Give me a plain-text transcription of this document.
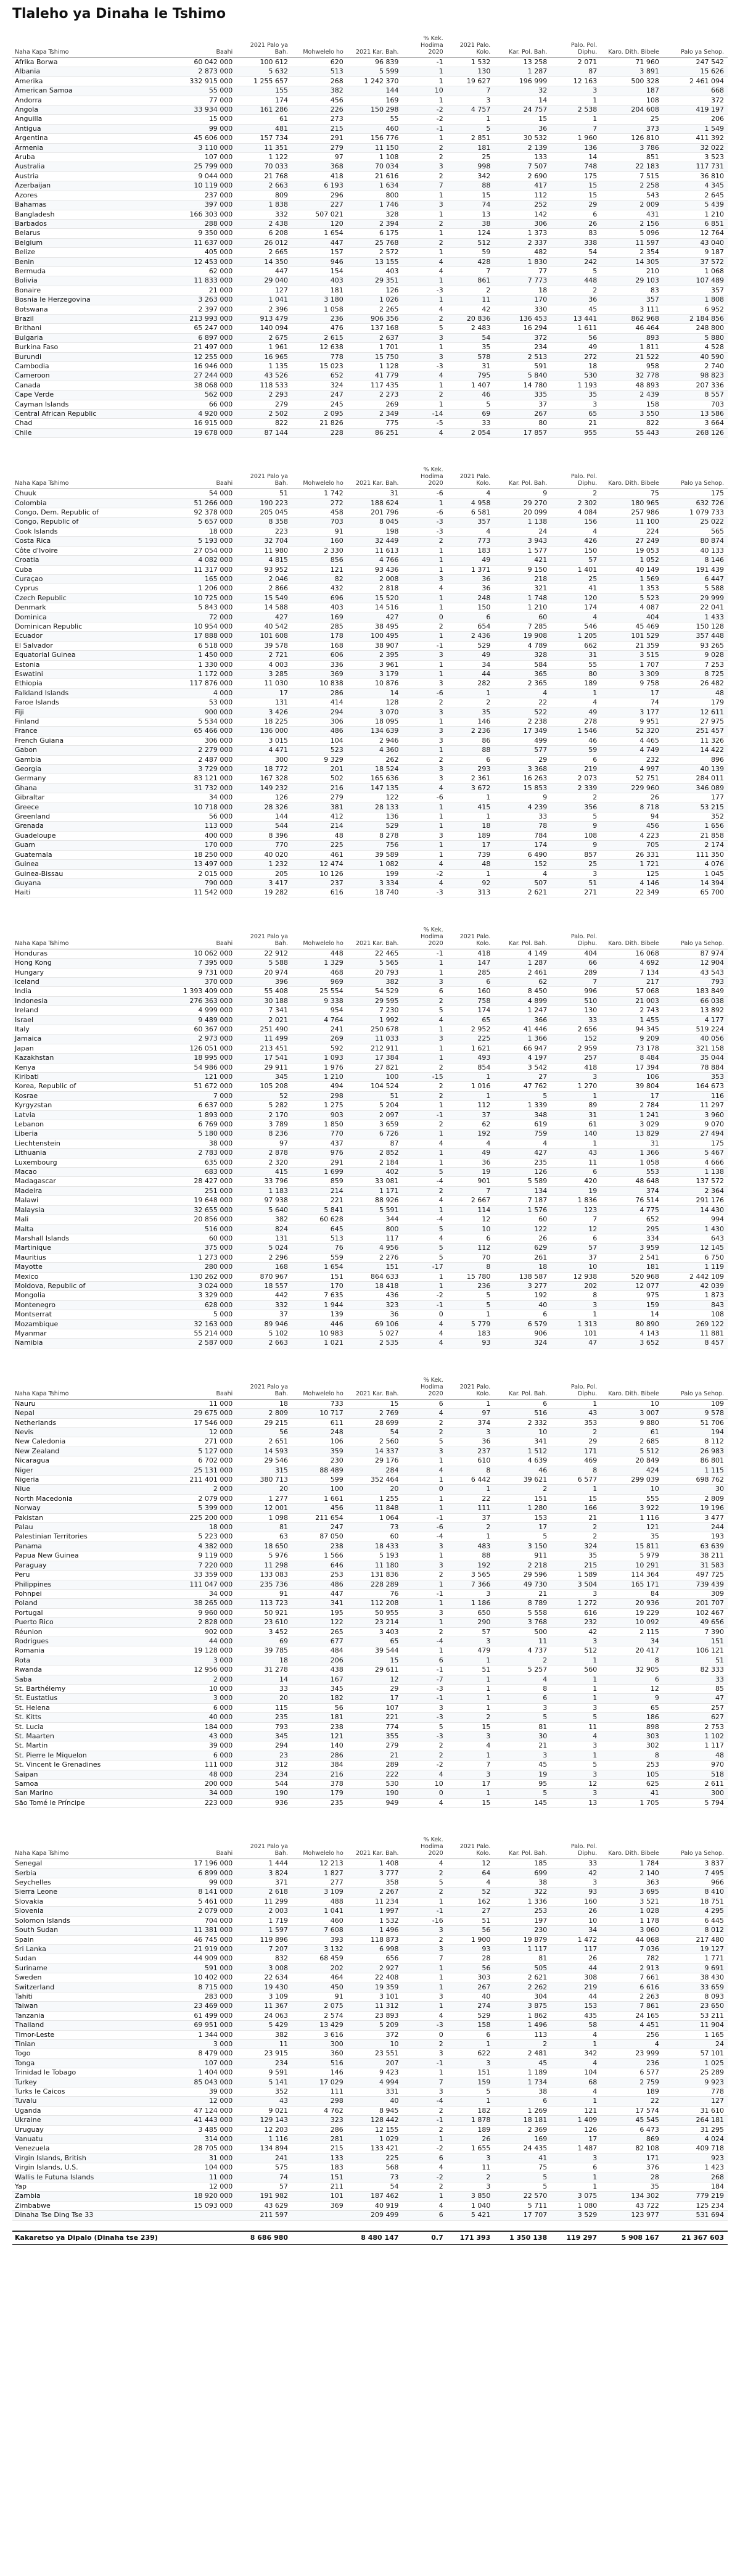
Tlaleho ya Dinaha le Tshimo
Naha Kapa Tshimo	Baahi	2021 Palo ya Bah.	Mohwelelo ho	2021 Kar. Bah.	% Kek. Hodima 2020	2021 Palo. Kolo.	Kar. Pol. Bah.	Palo. Pol. Diphu.	Karo. Dith. Bibele	Palo ya Sehop.
Afrika Borwa	60 042 000	100 612	620	96 839	-1	1 532	13 258	2 071	71 960	247 542
Albania	2 873 000	5 632	513	5 599	1	130	1 287	87	3 891	15 626
Amerika	332 915 000	1 255 657	268	1 242 370	1	19 627	196 999	12 163	500 328	2 461 094
American Samoa	55 000	155	382	144	10	7	32	3	187	668
Andorra	77 000	174	456	169	1	3	14	1	108	372
Angola	33 934 000	161 286	226	150 298	-2	4 757	24 757	2 538	204 608	419 197
Anguilla	15 000	61	273	55	-2	1	15	1	25	206
Antigua	99 000	481	215	460	-1	5	36	7	373	1 549
Argentina	45 606 000	157 734	291	156 776	1	2 851	30 532	1 960	126 810	411 392
Armenia	3 110 000	11 351	279	11 150	2	181	2 139	136	3 786	32 022
Aruba	107 000	1 122	97	1 108	2	25	133	14	851	3 523
Australia	25 799 000	70 033	368	70 034	3	998	7 507	748	22 183	117 731
Austria	9 044 000	21 768	418	21 616	2	342	2 690	175	7 515	36 810
Azerbaijan	10 119 000	2 663	6 193	1 634	7	88	417	15	2 258	4 345
Azores	237 000	809	296	800	1	15	112	15	543	2 645
Bahamas	397 000	1 838	227	1 746	3	74	252	29	2 009	5 439
Bangladesh	166 303 000	332	507 021	328	1	13	142	6	431	1 210
Barbados	288 000	2 438	120	2 394	2	38	306	26	2 156	6 851
Belarus	9 350 000	6 208	1 654	6 175	1	124	1 373	83	5 096	12 764
Belgium	11 637 000	26 012	447	25 768	2	512	2 337	338	11 597	43 040
Belize	405 000	2 665	157	2 572	1	59	482	54	2 354	9 187
Benin	12 453 000	14 350	946	13 155	4	428	1 830	242	14 305	37 572
Bermuda	62 000	447	154	403	4	7	77	5	210	1 068
Bolivia	11 833 000	29 040	403	29 351	1	861	7 773	448	29 103	107 489
Bonaire	21 000	127	181	126	-3	2	18	2	83	357
Bosnia le Herzegovina	3 263 000	1 041	3 180	1 026	1	11	170	36	357	1 808
Botswana	2 397 000	2 396	1 058	2 265	4	42	330	45	3 111	6 952
Brazil	213 993 000	913 479	236	906 356	2	20 836	136 453	13 441	862 968	2 184 856
Brithani	65 247 000	140 094	476	137 168	5	2 483	16 294	1 611	46 464	248 800
Bulgaria	6 897 000	2 675	2 615	2 637	3	54	372	56	893	5 880
Burkina Faso	21 497 000	1 961	12 638	1 701	1	35	234	49	1 811	4 528
Burundi	12 255 000	16 965	778	15 750	3	578	2 513	272	21 522	40 590
Cambodia	16 946 000	1 135	15 023	1 128	-3	31	591	18	958	2 740
Cameroon	27 244 000	43 526	652	41 779	4	795	5 840	530	32 778	98 823
Canada	38 068 000	118 533	324	117 435	1	1 407	14 780	1 193	48 893	207 336
Cape Verde	562 000	2 293	247	2 273	2	46	335	35	2 439	8 557
Cayman Islands	66 000	279	245	269	1	5	37	3	158	703
Central African Republic	4 920 000	2 502	2 095	2 349	-14	69	267	65	3 550	13 586
Chad	16 915 000	822	21 826	775	-5	33	80	21	822	3 664
Chile	19 678 000	87 144	228	86 251	4	2 054	17 857	955	55 443	268 126
Naha Kapa Tshimo	Baahi	2021 Palo ya Bah.	Mohwelelo ho	2021 Kar. Bah.	% Kek. Hodima 2020	2021 Palo. Kolo.	Kar. Pol. Bah.	Palo. Pol. Diphu.	Karo. Dith. Bibele	Palo ya Sehop.
Chuuk	54 000	51	1 742	31	-6	4	9	2	75	175
Colombia	51 266 000	190 223	272	188 624	1	4 958	29 270	2 302	180 965	632 726
Congo, Dem. Republic of	92 378 000	205 045	458	201 796	-6	6 581	20 099	4 084	257 986	1 079 733
Congo, Republic of	5 657 000	8 358	703	8 045	-3	357	1 138	156	11 100	25 022
Cook Islands	18 000	223	91	198	-3	4	24	4	224	565
Costa Rica	5 193 000	32 704	160	32 449	2	773	3 943	426	27 249	80 874
Côte d'Ivoire	27 054 000	11 980	2 330	11 613	1	183	1 577	150	19 053	40 133
Croatia	4 082 000	4 815	856	4 766	1	49	421	57	1 052	8 146
Cuba	11 317 000	93 952	121	93 436	1	1 371	9 150	1 401	40 149	191 439
Curaçao	165 000	2 046	82	2 008	3	36	218	25	1 569	6 447
Cyprus	1 206 000	2 866	432	2 818	4	36	321	41	1 353	5 588
Czech Republic	10 725 000	15 549	696	15 520	1	248	1 748	120	5 523	29 999
Denmark	5 843 000	14 588	403	14 516	1	150	1 210	174	4 087	22 041
Dominica	72 000	427	169	427	0	6	60	4	404	1 433
Dominican Republic	10 954 000	40 542	285	38 495	2	654	7 285	546	45 469	150 128
Ecuador	17 888 000	101 608	178	100 495	1	2 436	19 908	1 205	101 529	357 448
El Salvador	6 518 000	39 578	168	38 907	-1	529	4 789	662	21 359	93 265
Equatorial Guinea	1 450 000	2 721	606	2 395	3	49	328	31	3 515	9 028
Estonia	1 330 000	4 003	336	3 961	1	34	584	55	1 707	7 253
Eswatini	1 172 000	3 285	369	3 179	1	44	365	80	3 309	8 725
Ethiopia	117 876 000	11 030	10 838	10 876	3	282	2 365	189	9 758	26 482
Falkland Islands	4 000	17	286	14	-6	1	4	1	17	48
Faroe Islands	53 000	131	414	128	2	2	22	4	74	179
Fiji	900 000	3 426	294	3 070	3	35	522	49	3 177	12 611
Finland	5 534 000	18 225	306	18 095	1	146	2 238	278	9 951	27 975
France	65 466 000	136 000	486	134 639	3	2 236	17 349	1 546	52 320	251 457
French Guiana	306 000	3 015	104	2 946	3	86	499	46	4 465	11 326
Gabon	2 279 000	4 471	523	4 360	1	88	577	59	4 749	14 422
Gambia	2 487 000	300	9 329	262	2	6	29	6	232	896
Georgia	3 729 000	18 772	201	18 524	3	293	3 368	219	4 997	40 139
Germany	83 121 000	167 328	502	165 636	3	2 361	16 263	2 073	52 751	284 011
Ghana	31 732 000	149 232	216	147 135	4	3 672	15 853	2 339	229 960	346 089
Gibraltar	34 000	126	279	122	-6	1	9	2	26	177
Greece	10 718 000	28 326	381	28 133	1	415	4 239	356	8 718	53 215
Greenland	56 000	144	412	136	1	1	33	5	94	352
Grenada	113 000	544	214	529	1	18	78	9	456	1 656
Guadeloupe	400 000	8 396	48	8 278	3	189	784	108	4 223	21 858
Guam	170 000	770	225	756	1	17	174	9	705	2 174
Guatemala	18 250 000	40 020	461	39 589	1	739	6 490	857	26 331	111 350
Guinea	13 497 000	1 232	12 474	1 082	4	48	152	25	1 721	4 076
Guinea-Bissau	2 015 000	205	10 126	199	-2	1	4	3	125	1 045
Guyana	790 000	3 417	237	3 334	4	92	507	51	4 146	14 394
Haiti	11 542 000	19 282	616	18 740	-3	313	2 621	271	22 349	65 700
Naha Kapa Tshimo	Baahi	2021 Palo ya Bah.	Mohwelelo ho	2021 Kar. Bah.	% Kek. Hodima 2020	2021 Palo. Kolo.	Kar. Pol. Bah.	Palo. Pol. Diphu.	Karo. Dith. Bibele	Palo ya Sehop.
Honduras	10 062 000	22 912	448	22 465	-1	418	4 149	404	16 068	87 974
Hong Kong	7 395 000	5 588	1 329	5 565	1	147	1 287	66	4 692	12 904
Hungary	9 731 000	20 974	468	20 793	1	285	2 461	289	7 134	43 543
Iceland	370 000	396	969	382	3	6	62	7	217	793
India	1 393 409 000	55 408	25 554	54 529	6	160	8 450	996	57 068	183 849
Indonesia	276 363 000	30 188	9 338	29 595	2	758	4 899	510	21 003	66 038
Ireland	4 999 000	7 341	954	7 230	5	174	1 247	130	2 743	13 892
Israel	9 489 000	2 021	4 764	1 992	4	65	366	33	1 455	4 177
Italy	60 367 000	251 490	241	250 678	1	2 952	41 446	2 656	94 345	519 224
Jamaica	2 973 000	11 499	269	11 033	3	225	1 366	152	9 209	40 056
Japan	126 051 000	213 451	592	212 911	1	1 621	66 947	2 959	73 178	321 158
Kazakhstan	18 995 000	17 541	1 093	17 384	1	493	4 197	257	8 484	35 044
Kenya	54 986 000	29 911	1 976	27 821	2	854	3 542	418	17 394	78 884
Kiribati	121 000	345	1 210	100	-15	1	27	3	106	353
Korea, Republic of	51 672 000	105 208	494	104 524	2	1 016	47 762	1 270	39 804	164 673
Kosrae	7 000	52	298	51	2	1	5	1	17	116
Kyrgyzstan	6 637 000	5 282	1 275	5 204	1	112	1 339	89	2 784	11 297
Latvia	1 893 000	2 170	903	2 097	-1	37	348	31	1 241	3 960
Lebanon	6 769 000	3 789	1 850	3 659	2	62	619	61	3 029	9 070
Liberia	5 180 000	8 236	770	6 726	1	192	759	140	13 829	27 494
Liechtenstein	38 000	97	437	87	4	4	4	1	31	175
Lithuania	2 783 000	2 878	976	2 852	1	49	427	43	1 366	5 467
Luxembourg	635 000	2 320	291	2 184	1	36	235	11	1 058	4 666
Macao	683 000	415	1 699	402	5	19	126	6	553	1 138
Madagascar	28 427 000	33 796	859	33 081	-4	901	5 589	420	48 648	137 572
Madeira	251 000	1 183	214	1 171	2	7	134	19	374	2 364
Malawi	19 648 000	97 938	221	88 926	4	2 667	7 187	1 836	76 514	291 176
Malaysia	32 655 000	5 640	5 841	5 591	1	114	1 576	123	4 775	14 430
Mali	20 856 000	382	60 628	344	-4	12	60	7	652	994
Malta	516 000	824	645	800	5	10	122	12	295	1 430
Marshall Islands	60 000	131	513	117	4	6	26	6	334	643
Martinique	375 000	5 024	76	4 956	5	112	629	57	3 959	12 145
Mauritius	1 273 000	2 296	559	2 276	5	70	261	37	2 541	6 750
Mayotte	280 000	168	1 654	151	-17	8	18	10	181	1 119
Mexico	130 262 000	870 967	151	864 633	1	15 780	138 587	12 938	520 968	2 442 109
Moldova, Republic of	3 024 000	18 557	170	18 418	1	236	3 277	202	12 077	42 039
Mongolia	3 329 000	442	7 635	436	-2	5	192	8	975	1 873
Montenegro	628 000	332	1 944	323	-1	5	40	3	159	843
Montserrat	5 000	37	139	36	0	1	6	1	14	108
Mozambique	32 163 000	89 946	446	69 106	4	5 779	6 579	1 313	80 890	269 122
Myanmar	55 214 000	5 102	10 983	5 027	4	183	906	101	4 143	11 881
Namibia	2 587 000	2 663	1 021	2 535	4	93	324	47	3 652	8 457
Naha Kapa Tshimo	Baahi	2021 Palo ya Bah.	Mohwelelo ho	2021 Kar. Bah.	% Kek. Hodima 2020	2021 Palo. Kolo.	Kar. Pol. Bah.	Palo. Pol. Diphu.	Karo. Dith. Bibele	Palo ya Sehop.
Nauru	11 000	18	733	15	6	1	6	1	10	109
Nepal	29 675 000	2 809	10 717	2 769	4	97	516	43	3 007	9 578
Netherlands	17 546 000	29 215	611	28 699	2	374	2 332	353	9 880	51 706
Nevis	12 000	56	248	54	2	3	10	2	61	194
New Caledonia	271 000	2 651	106	2 560	5	36	341	29	2 685	8 112
New Zealand	5 127 000	14 593	359	14 337	3	237	1 512	171	5 512	26 983
Nicaragua	6 702 000	29 546	230	29 176	1	610	4 639	469	20 849	86 801
Niger	25 131 000	315	88 489	284	4	8	46	8	424	1 115
Nigeria	211 401 000	380 713	599	352 464	1	6 442	39 621	6 577	299 039	698 762
Niue	2 000	20	100	20	0	1	2	1	10	30
North Macedonia	2 079 000	1 277	1 661	1 255	1	22	151	15	555	2 809
Norway	5 399 000	12 001	456	11 848	1	111	1 280	166	3 922	19 196
Pakistan	225 200 000	1 098	211 654	1 064	-1	37	153	21	1 116	3 477
Palau	18 000	81	247	73	-6	2	17	2	121	244
Palestinian Territories	5 223 000	63	87 050	60	-4	1	5	2	35	193
Panama	4 382 000	18 650	238	18 433	3	483	3 150	324	15 811	63 639
Papua New Guinea	9 119 000	5 976	1 566	5 193	1	88	911	35	5 979	38 211
Paraguay	7 220 000	11 298	646	11 180	3	192	2 218	215	10 291	31 583
Peru	33 359 000	133 083	253	131 836	2	3 565	29 596	1 589	114 364	497 725
Philippines	111 047 000	235 736	486	228 289	1	7 366	49 730	3 504	165 171	739 439
Pohnpei	34 000	91	447	76	-1	3	21	3	84	309
Poland	38 265 000	113 723	341	112 208	1	1 186	8 789	1 272	20 936	201 707
Portugal	9 960 000	50 921	195	50 955	3	650	5 558	616	19 229	102 467
Puerto Rico	2 828 000	23 610	122	23 214	1	290	3 768	232	10 092	49 656
Réunion	902 000	3 452	265	3 403	2	57	500	42	2 115	7 390
Rodrigues	44 000	69	677	65	-4	3	11	3	34	151
Romania	19 128 000	39 785	484	39 544	1	479	4 737	512	20 417	106 121
Rota	3 000	18	206	15	6	1	2	1	8	51
Rwanda	12 956 000	31 278	438	29 611	-1	51	5 257	560	32 905	82 333
Saba	2 000	14	167	12	-7	1	4	1	6	33
St. Barthélemy	10 000	33	345	29	-3	1	8	1	12	85
St. Eustatius	3 000	20	182	17	-1	1	6	1	9	47
St. Helena	6 000	115	56	107	3	1	3	3	65	257
St. Kitts	40 000	235	181	221	-3	2	5	5	186	627
St. Lucia	184 000	793	238	774	5	15	81	11	898	2 753
St. Maarten	43 000	345	121	355	-3	3	30	4	303	1 102
St. Martin	39 000	294	140	279	2	4	21	3	302	1 117
St. Pierre le Miquelon	6 000	23	286	21	2	1	3	1	8	48
St. Vincent le Grenadines	111 000	312	384	289	-2	7	45	5	253	970
Saipan	48 000	234	216	222	4	3	19	3	105	518
Samoa	200 000	544	378	530	10	17	95	12	625	2 611
San Marino	34 000	190	179	190	0	1	5	3	41	300
São Tomé le Príncipe	223 000	936	235	949	4	15	145	13	1 705	5 794
Naha Kapa Tshimo	Baahi	2021 Palo ya Bah.	Mohwelelo ho	2021 Kar. Bah.	% Kek. Hodima 2020	2021 Palo. Kolo.	Kar. Pol. Bah.	Palo. Pol. Diphu.	Karo. Dith. Bibele	Palo ya Sehop.
Senegal	17 196 000	1 444	12 213	1 408	4	12	185	33	1 784	3 837
Serbia	6 899 000	3 824	1 827	3 777	2	64	699	42	2 140	7 495
Seychelles	99 000	371	277	358	5	4	38	3	363	966
Sierra Leone	8 141 000	2 618	3 109	2 267	2	52	322	93	3 695	8 410
Slovakia	5 461 000	11 299	488	11 234	1	162	1 336	160	3 521	18 751
Slovenia	2 079 000	2 003	1 041	1 997	-1	27	253	26	1 028	4 295
Solomon Islands	704 000	1 719	460	1 532	-16	51	197	10	1 178	6 445
South Sudan	11 381 000	1 597	7 608	1 496	3	56	230	34	3 060	8 012
Spain	46 745 000	119 896	393	118 873	2	1 900	19 879	1 472	44 068	217 480
Sri Lanka	21 919 000	7 207	3 132	6 998	3	93	1 117	117	7 036	19 127
Sudan	44 909 000	832	68 459	656	7	28	81	26	782	1 771
Suriname	591 000	3 008	202	2 927	1	56	505	44	2 913	9 691
Sweden	10 402 000	22 634	464	22 408	1	303	2 621	308	7 661	38 430
Switzerland	8 715 000	19 430	450	19 359	1	267	2 262	219	6 616	33 659
Tahiti	283 000	3 109	91	3 101	3	40	304	44	2 263	8 093
Taiwan	23 469 000	11 367	2 075	11 312	1	274	3 875	153	7 861	23 650
Tanzania	61 499 000	24 063	2 574	23 893	4	529	1 862	435	24 165	53 211
Thailand	69 951 000	5 429	13 429	5 209	-3	158	1 496	58	4 451	11 904
Timor-Leste	1 344 000	382	3 616	372	0	6	113	4	256	1 165
Tinian	3 000	11	300	10	2	1	2	1	4	24
Togo	8 479 000	23 915	360	23 551	3	622	2 481	342	23 999	57 101
Tonga	107 000	234	516	207	-1	3	45	4	236	1 025
Trinidad le Tobago	1 404 000	9 591	146	9 423	1	151	1 189	104	6 577	25 289
Turkey	85 043 000	5 141	17 029	4 994	7	159	1 734	68	2 759	9 923
Turks le Caicos	39 000	352	111	331	3	5	38	4	189	778
Tuvalu	12 000	43	298	40	-4	1	6	1	22	127
Uganda	47 124 000	9 021	4 762	8 945	2	182	1 269	121	17 574	31 610
Ukraine	41 443 000	129 143	323	128 442	-1	1 878	18 181	1 409	45 545	264 181
Uruguay	3 485 000	12 203	286	12 155	2	189	2 369	126	6 473	31 295
Vanuatu	314 000	1 116	281	1 029	1	26	169	17	869	4 024
Venezuela	28 705 000	134 894	215	133 421	-2	1 655	24 435	1 487	82 108	409 718
Virgin Islands, British	31 000	241	133	225	6	3	41	3	171	923
Virgin Islands, U.S.	104 000	575	183	568	4	11	75	6	376	1 423
Wallis le Futuna Islands	11 000	74	151	73	-2	2	5	1	28	268
Yap	12 000	57	211	54	2	3	5	1	35	184
Zambia	18 920 000	191 982	101	187 462	1	3 850	22 570	3 075	134 302	779 219
Zimbabwe	15 093 000	43 629	369	40 919	4	1 040	5 711	1 080	43 722	125 234
Dinaha Tse Ding Tse 33		211 597		209 499	6	5 421	17 707	3 529	123 977	531 694
Kakaretso ya Dipalo (Dinaha tse 239)		8 686 980		8 480 147	0.7	171 393	1 350 138	119 297	5 908 167	21 367 603
